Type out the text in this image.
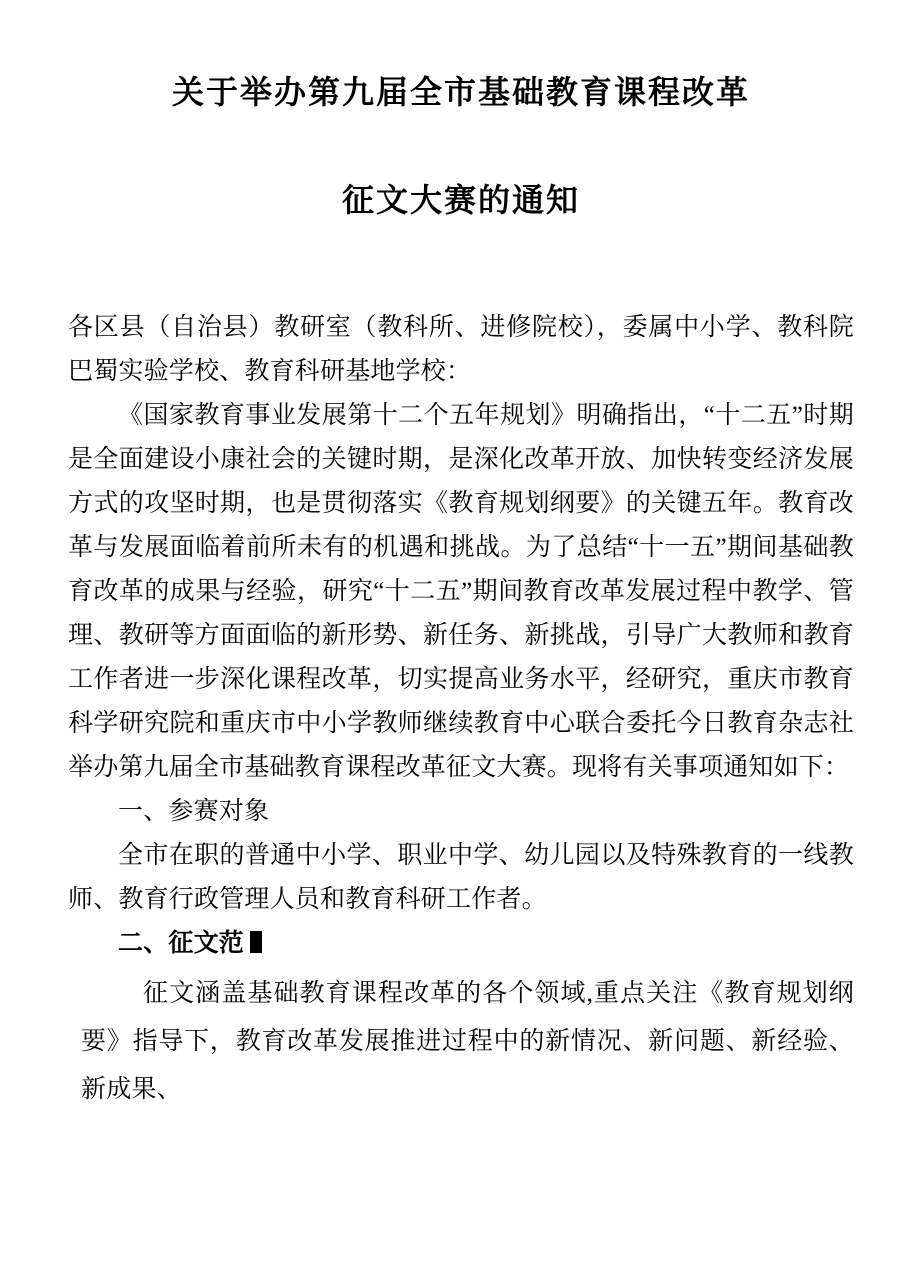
关于举办第九届全市基础教育课程改革
征文大赛的通知

各区县（自治县）教研室（教科所、进修院校），委属中小学、教科院巴蜀实验学校、教育科研基地学校：

《国家教育事业发展第十二个五年规划》明确指出，“十二五”时期是全面建设小康社会的关键时期，是深化改革开放、加快转变经济发展方式的攻坚时期，也是贯彻落实《教育规划纲要》的关键五年。教育改革与发展面临着前所未有的机遇和挑战。为了总结“十一五”期间基础教育改革的成果与经验，研究“十二五”期间教育改革发展过程中教学、管理、教研等方面面临的新形势、新任务、新挑战，引导广大教师和教育工作者进一步深化课程改革，切实提高业务水平，经研究，重庆市教育科学研究院和重庆市中小学教师继续教育中心联合委托今日教育杂志社举办第九届全市基础教育课程改革征文大赛。现将有关事项通知如下：

一、参赛对象

全市在职的普通中小学、职业中学、幼儿园以及特殊教育的一线教师、教育行政管理人员和教育科研工作者。

二、征文范

征文涵盖基础教育课程改革的各个领域,重点关注《教育规划纲要》指导下，教育改革发展推进过程中的新情况、新问题、新经验、新成果、
